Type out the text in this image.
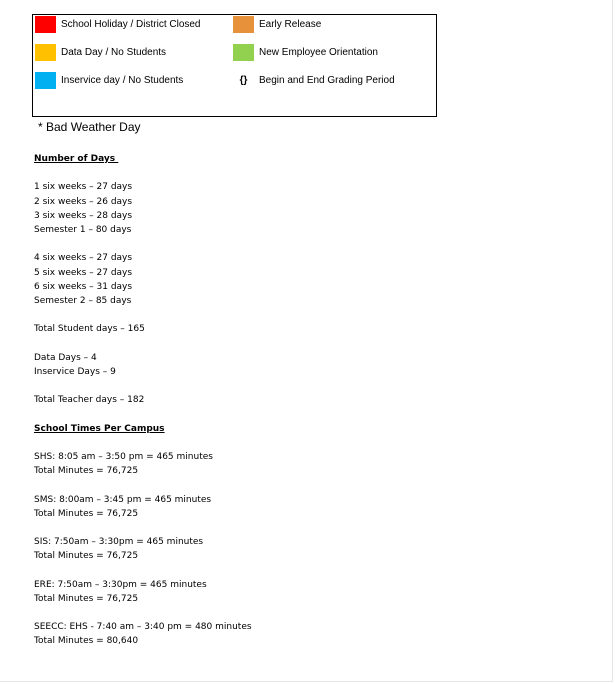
School Holiday / District Closed	Early Release
Data Day / No Students	New Employee Orientation
Inservice day / No Students	{}	Begin and End Grading Period
* Bad Weather Day
Number of Days
1 six weeks – 27 days
2 six weeks – 26 days
3 six weeks – 28 days
Semester 1 – 80 days
4 six weeks – 27 days
5 six weeks – 27 days
6 six weeks – 31 days
Semester 2 – 85 days
Total Student days – 165
Data Days – 4
Inservice Days – 9
Total Teacher days – 182
School Times Per Campus
SHS: 8:05 am – 3:50 pm = 465 minutes
Total Minutes = 76,725
SMS: 8:00am – 3:45 pm = 465 minutes
Total Minutes = 76,725
SIS: 7:50am – 3:30pm = 465 minutes
Total Minutes = 76,725
ERE: 7:50am – 3:30pm = 465 minutes
Total Minutes = 76,725
SEECC: EHS - 7:40 am – 3:40 pm = 480 minutes
Total Minutes = 80,640
